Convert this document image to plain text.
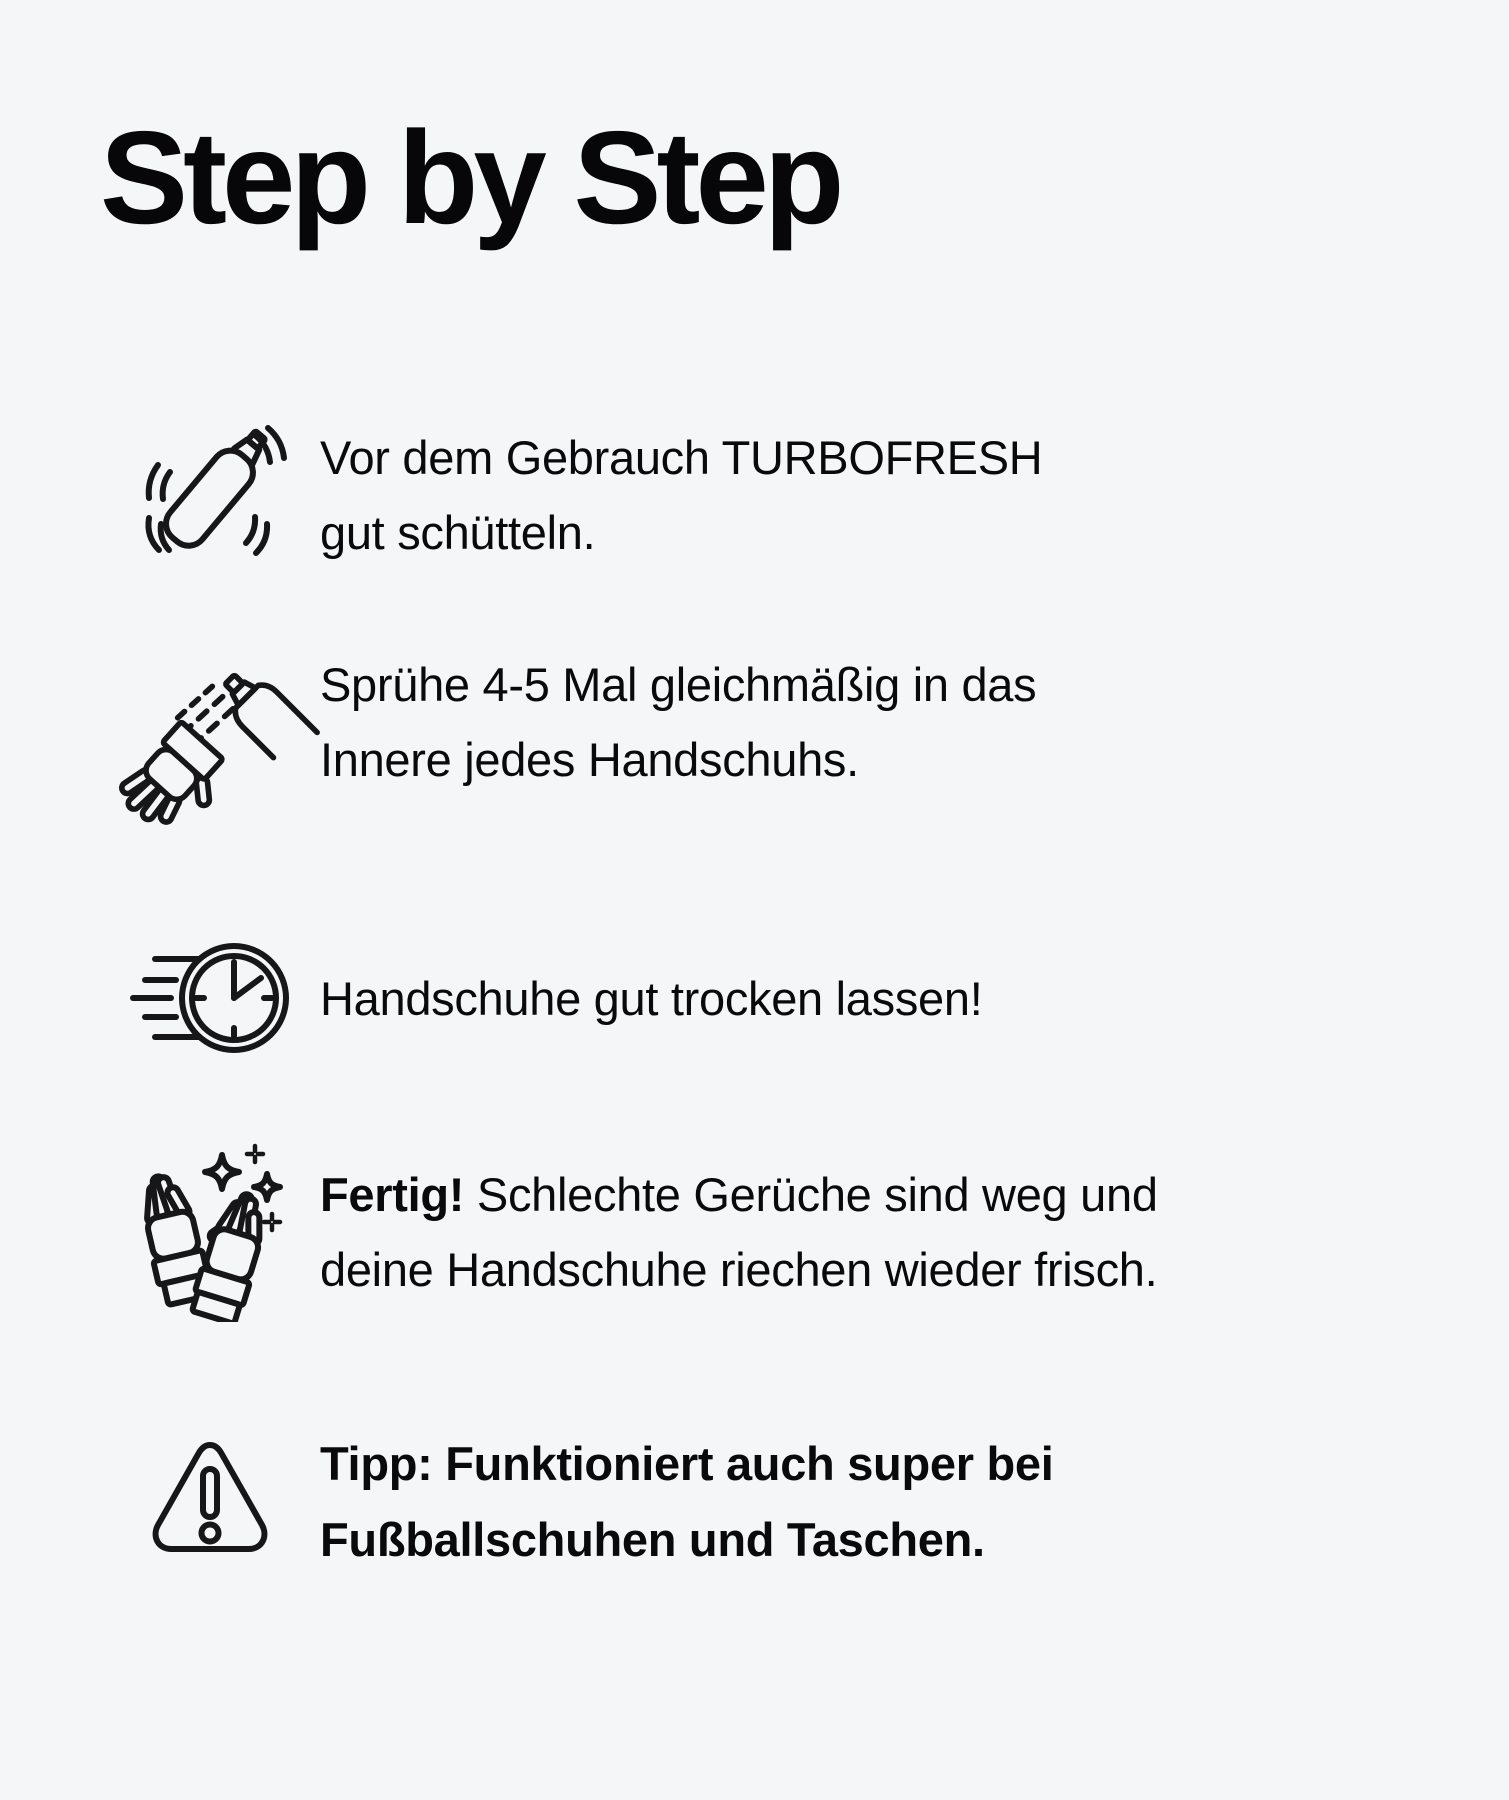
Step by Step
Vor dem Gebrauch TURBOFRESH
gut schütteln.
Sprühe 4-5 Mal gleichmäßig in das
Innere jedes Handschuhs.
Handschuhe gut trocken lassen!
Fertig! Schlechte Gerüche sind weg und
deine Handschuhe riechen wieder frisch.
Tipp: Funktioniert auch super bei
Fußballschuhen und Taschen.
